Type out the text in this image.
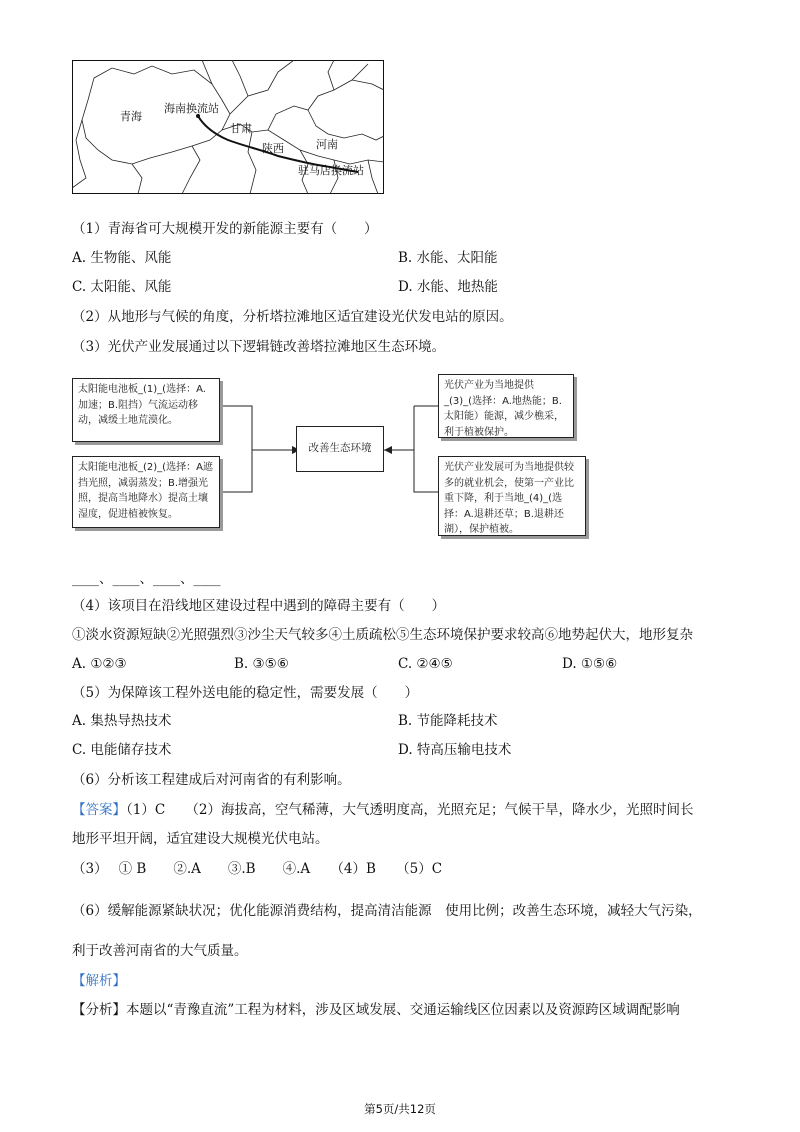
青海
海南换流站
甘肃
陕西	河南
驻马店换流站
（1）青海省可大规模开发的新能源主要有（　　）
A. 生物能、风能	B. 水能、太阳能
C. 太阳能、风能	D. 水能、地热能
（2）从地形与气候的角度，分析塔拉滩地区适宜建设光伏发电站的原因。
（3）光伏产业发展通过以下逻辑链改善塔拉滩地区生态环境。
太阳能电池板_(1)_(选择：A.加速；B.阻挡）气流运动移动，减缓土地荒漠化。
太阳能电池板_(2)_(选择：A遮挡光照，减弱蒸发；B.增强光照，提高当地降水）提高土壤湿度，促进植被恢复。
改善生态环境
光伏产业为当地提供_(3)_(选择：A.地热能；B.太阳能）能源，减少樵采，利于植被保护。
光伏产业发展可为当地提供较多的就业机会，使第一产业比重下降，利于当地_(4)_(选择：A.退耕还草；B.退耕还湖），保护植被。
____、____、____、____
（4）该项目在沿线地区建设过程中遇到的障碍主要有（　　）
①淡水资源短缺②光照强烈③沙尘天气较多④土质疏松⑤生态环境保护要求较高⑥地势起伏大，地形复杂
A. ①②③	B. ③⑤⑥	C. ②④⑤	D. ①⑤⑥
（5）为保障该工程外送电能的稳定性，需要发展（　　）
A. 集热导热技术	B. 节能降耗技术
C. 电能储存技术	D. 特高压输电技术
（6）分析该工程建成后对河南省的有利影响。
【答案】（1）C　　（2）海拔高，空气稀薄，大气透明度高，光照充足；气候干旱，降水少，光照时间长
地形平坦开阔，适宜建设大规模光伏电站。
（3）　 ① B　　②.A　　③.B　　④.A　　（4）B　　（5）C
（6）缓解能源紧缺状况；优化能源消费结构，提高清洁能源　使用比例；改善生态环境，减轻大气污染，
利于改善河南省的大气质量。
【解析】
【分析】本题以“青豫直流”工程为材料，涉及区域发展、交通运输线区位因素以及资源跨区域调配影响
第5页/共12页
